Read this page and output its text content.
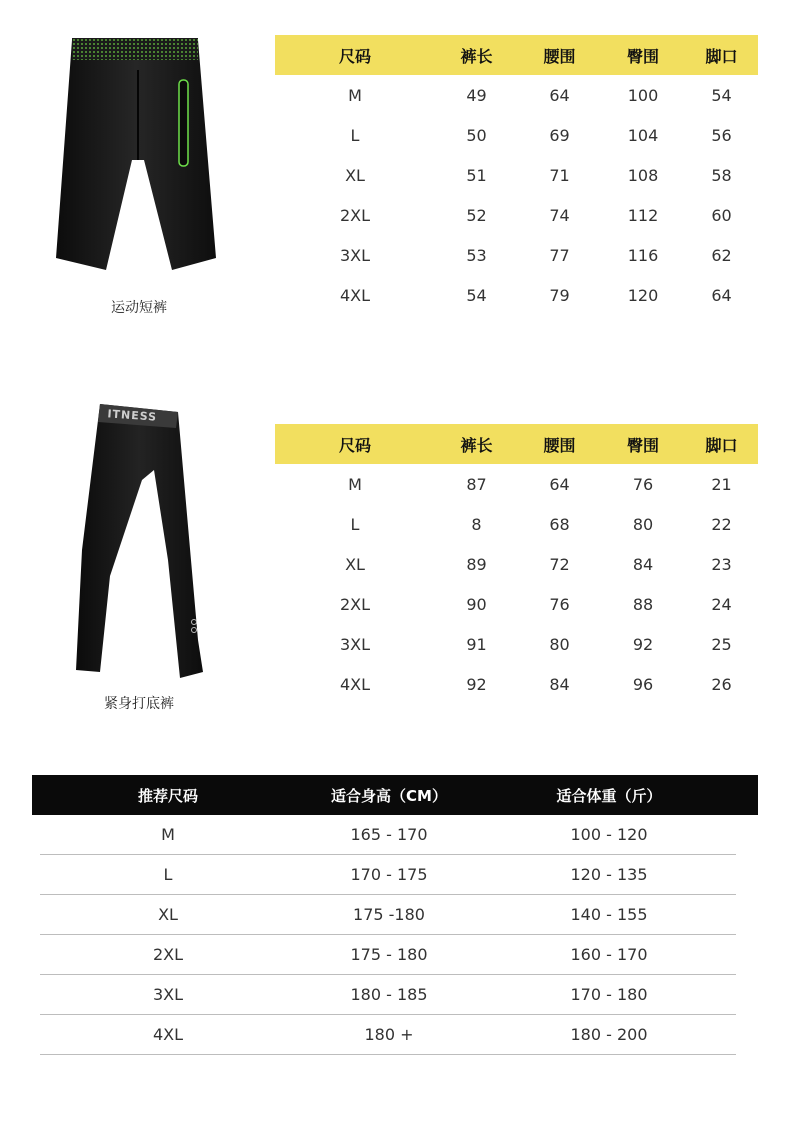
运动短裤
尺码	裤长	腰围	臀围	脚口
M	49	64	100	54
L	50	69	104	56
XL	51	71	108	58
2XL	52	74	112	60
3XL	53	77	116	62
4XL	54	79	120	64
ITNESS
紧身打底裤
尺码	裤长	腰围	臀围	脚口
M	87	64	76	21
L	8	68	80	22
XL	89	72	84	23
2XL	90	76	88	24
3XL	91	80	92	25
4XL	92	84	96	26
	推荐尺码	适合身高（CM）	适合体重（斤）	
	M	165 - 170	100 - 120	
	L	170 - 175	120 - 135	
	XL	175 -180	140 - 155	
	2XL	175 - 180	160 - 170	
	3XL	180 - 185	170 - 180	
	4XL	180 +	180 - 200	
